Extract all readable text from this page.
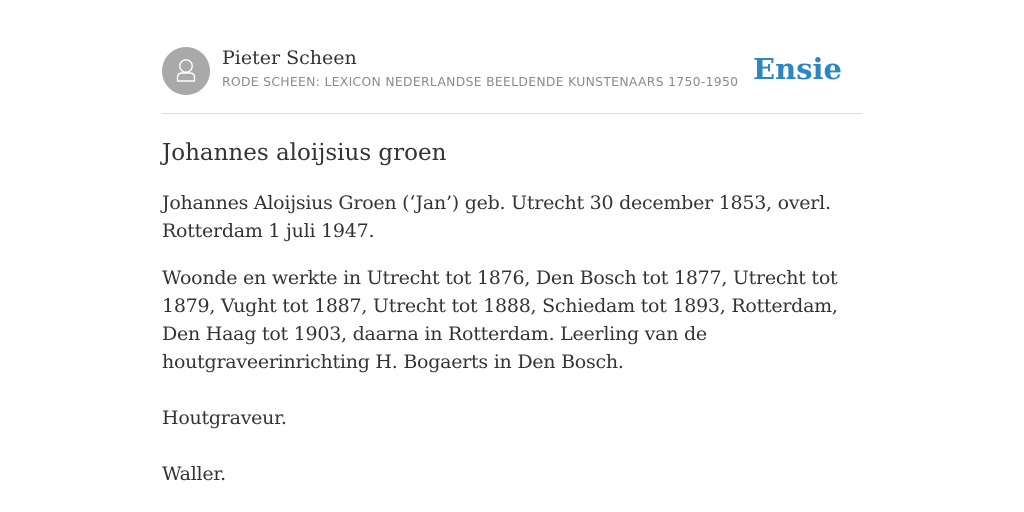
Pieter Scheen
RODE SCHEEN: LEXICON NEDERLANDSE BEELDENDE KUNSTENAARS 1750-1950 Ensie
Johannes aloijsius groen

Johannes Aloijsius Groen (‘Jan’) geb. Utrecht 30 december 1853, overl. Rotterdam 1 juli 1947.

Woonde en werkte in Utrecht tot 1876, Den Bosch tot 1877, Utrecht tot 1879, Vught tot 1887, Utrecht tot 1888, Schiedam tot 1893, Rotterdam, Den Haag tot 1903, daarna in Rotterdam. Leerling van de houtgraveerinrichting H. Bogaerts in Den Bosch.

Houtgraveur.

Waller.
